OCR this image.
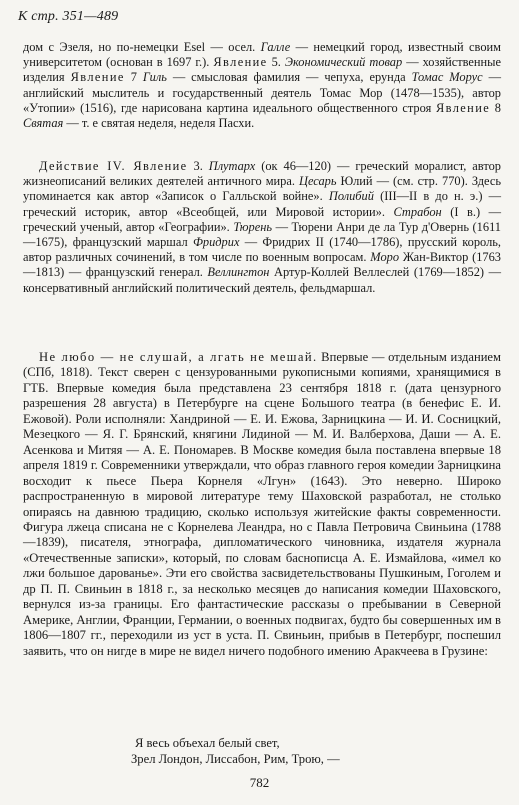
К стр. 351—489

дом с Эзеля, но по-немецки Esel — осел. Галле — немецкий город, известный своим университетом (основан в 1697 г.). Явление 5. Экономический товар — хозяйственные изделия Явление 7 Гиль — смысловая фамилия — чепуха, ерунда Томас Морус — английский мыслитель и государственный деятель Томас Мор (1478—1535), автор «Утопии» (1516), где нарисована картина идеального общественного строя Явление 8 Святая — т. е святая неделя, неделя Пасхи.

Действие IV. Явление 3. Плутарх (ок 46—120) — греческий моралист, автор жизнеописаний великих деятелей античного мира. Цесарь Юлий — (см. стр. 770). Здесь упоминается как автор «Записок о Галльской войне». Полибий (III—II в до н. э.) — греческий историк, автор «Всеобщей, или Мировой истории». Страбон (I в.) — греческий ученый, автор «Географии». Тюрень — Тюрени Анри де ла Тур д'Овернь (1611—1675), французский маршал Фридрих — Фридрих II (1740—1786), прусский король, автор различных сочинений, в том числе по военным вопросам. Моро Жан-Виктор (1763—1813) — французский генерал. Веллингтон Артур-Коллей Веллеслей (1769—1852) — консервативный английский политический деятель, фельдмаршал.

Не любо — не слушай, а лгать не мешай. Впервые — отдельным изданием (СПб, 1818). Текст сверен с цензурованными рукописными копиями, хранящимися в ГТБ. Впервые комедия была представлена 23 сентября 1818 г. (дата цензурного разрешения 28 августа) в Петербурге на сцене Большого театра (в бенефис Е. И. Ежовой). Роли исполняли: Хандриной — Е. И. Ежова, Зарницкина — И. И. Сосницкий, Мезецкого — Я. Г. Брянский, княгини Лидиной — М. И. Валберхова, Даши — А. Е. Асенкова и Митяя — А. Е. Пономарев. В Москве комедия была поставлена впервые 18 апреля 1819 г. Современники утверждали, что образ главного героя комедии Зарницкина восходит к пьесе Пьера Корнеля «Лгун» (1643). Это неверно. Широко распространенную в мировой литературе тему Шаховской разработал, не столько опираясь на давнюю традицию, сколько используя житейские факты современности. Фигура лжеца списана не с Корнелева Леандра, но с Павла Петровича Свиньина (1788—1839), писателя, этнографа, дипломатического чиновника, издателя журнала «Отечественные записки», который, по словам баснописца А. Е. Измайлова, «имел ко лжи большое дарованье». Эти его свойства засвидетельствованы Пушкиным, Гоголем и др П. П. Свиньин в 1818 г., за несколько месяцев до написания комедии Шаховского, вернулся из-за границы. Его фантастические рассказы о пребывании в Северной Америке, Англии, Франции, Германии, о военных подвигах, будто бы совершенных им в 1806—1807 гг., переходили из уст в уста. П. Свиньин, прибыв в Петербург, поспешил заявить, что он нигде в мире не видел ничего подобного имению Аракчеева в Грузине:

Я весь объехал белый свет,
Зрел Лондон, Лиссабон, Рим, Трою, —
782
